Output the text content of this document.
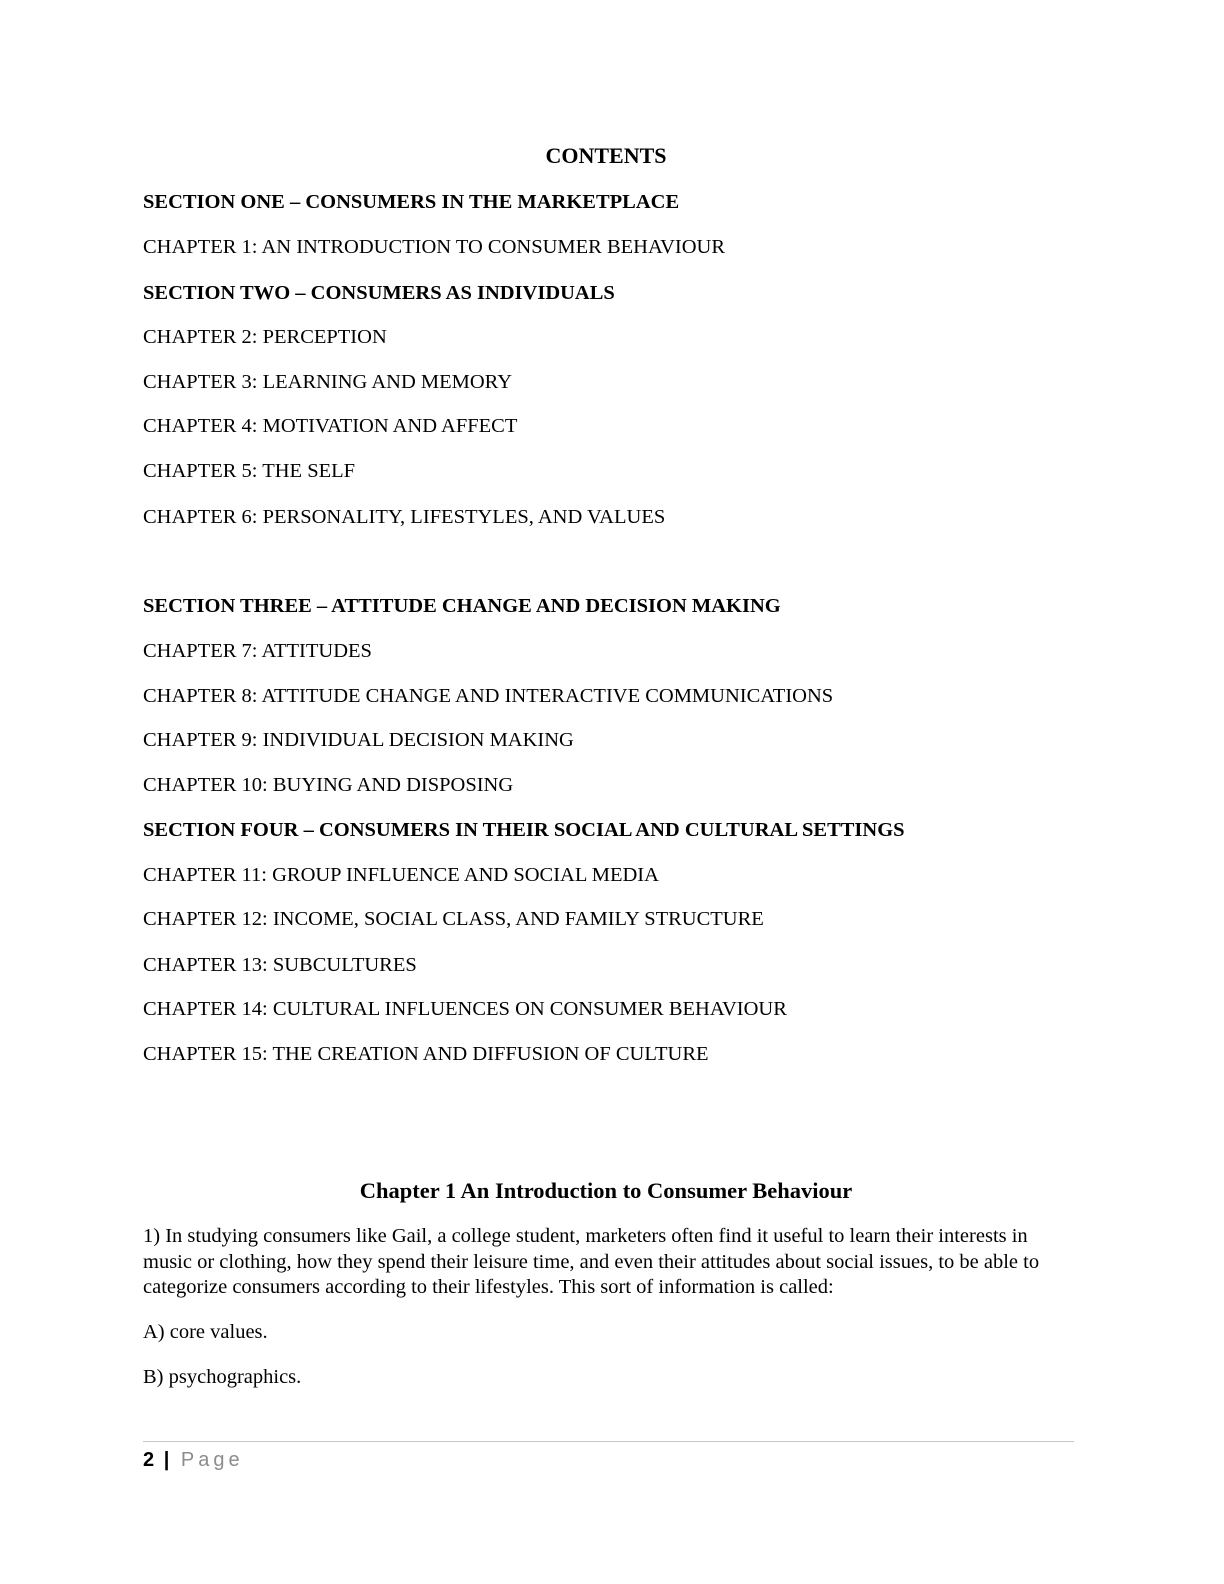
CONTENTS
SECTION ONE – CONSUMERS IN THE MARKETPLACE
CHAPTER 1: AN INTRODUCTION TO CONSUMER BEHAVIOUR
SECTION TWO – CONSUMERS AS INDIVIDUALS
CHAPTER 2: PERCEPTION
CHAPTER 3: LEARNING AND MEMORY
CHAPTER 4: MOTIVATION AND AFFECT
CHAPTER 5: THE SELF
CHAPTER 6: PERSONALITY, LIFESTYLES, AND VALUES
SECTION THREE – ATTITUDE CHANGE AND DECISION MAKING
CHAPTER 7: ATTITUDES
CHAPTER 8: ATTITUDE CHANGE AND INTERACTIVE COMMUNICATIONS
CHAPTER 9: INDIVIDUAL DECISION MAKING
CHAPTER 10: BUYING AND DISPOSING
SECTION FOUR – CONSUMERS IN THEIR SOCIAL AND CULTURAL SETTINGS
CHAPTER 11: GROUP INFLUENCE AND SOCIAL MEDIA
CHAPTER 12: INCOME, SOCIAL CLASS, AND FAMILY STRUCTURE
CHAPTER 13: SUBCULTURES
CHAPTER 14: CULTURAL INFLUENCES ON CONSUMER BEHAVIOUR
CHAPTER 15: THE CREATION AND DIFFUSION OF CULTURE
Chapter 1 An Introduction to Consumer Behaviour
1) In studying consumers like Gail, a college student, marketers often find it useful to learn their interests in music or clothing, how they spend their leisure time, and even their attitudes about social issues, to be able to categorize consumers according to their lifestyles. This sort of information is called:
A) core values.
B) psychographics.
2 | Page
